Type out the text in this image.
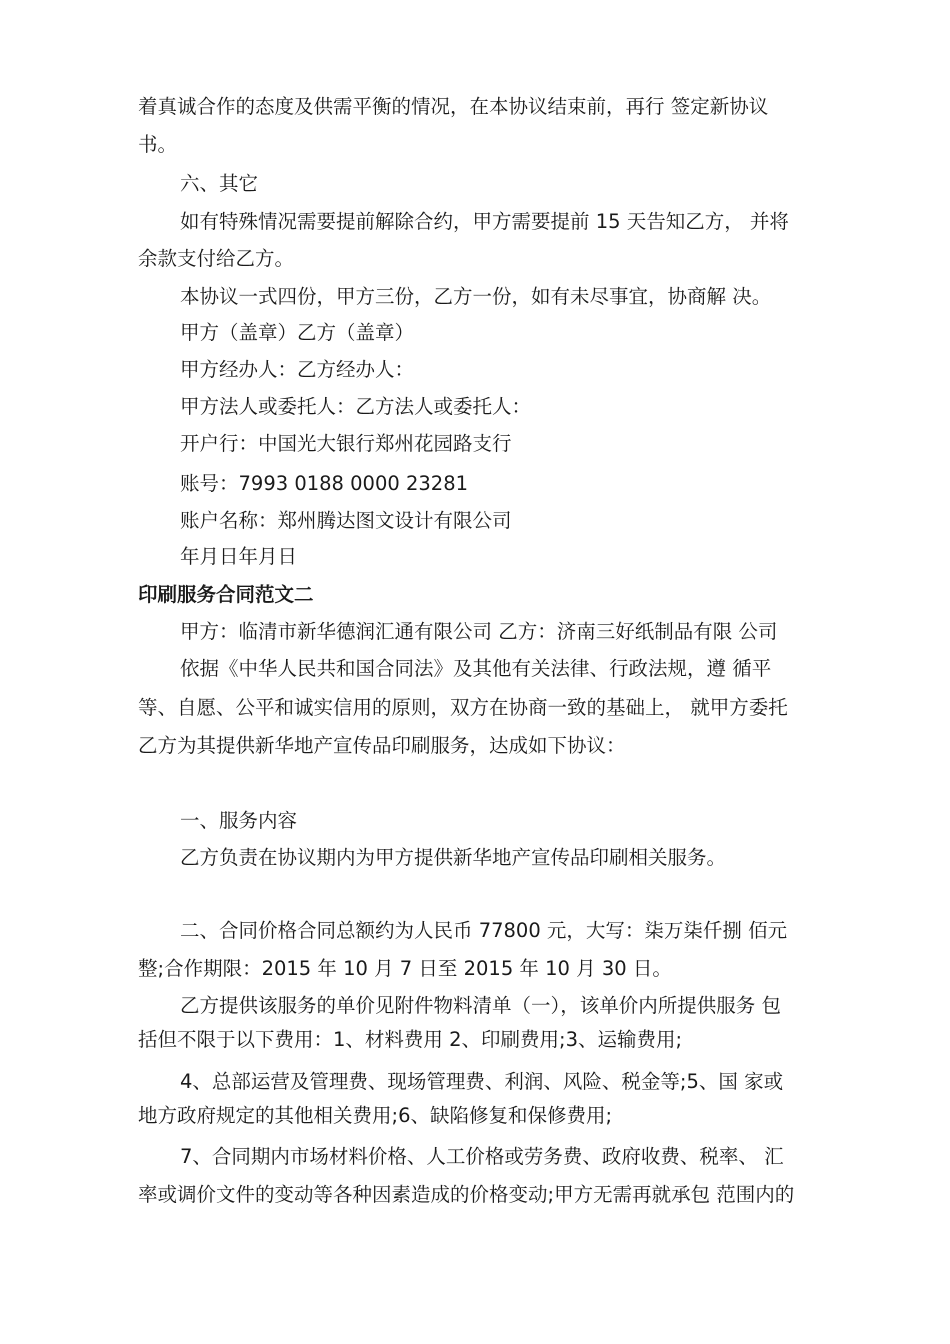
着真诚合作的态度及供需平衡的情况，在本协议结束前，再行 签定新协议
书。
六、其它
如有特殊情况需要提前解除合约，甲方需要提前 15 天告知乙方， 并将
余款支付给乙方。
本协议一式四份，甲方三份，乙方一份，如有未尽事宜，协商解 决。
甲方（盖章）乙方（盖章）
甲方经办人：乙方经办人：
甲方法人或委托人：乙方法人或委托人：
开户行：中国光大银行郑州花园路支行
账号：7993 0188 0000 23281
账户名称：郑州腾达图文设计有限公司
年月日年月日
印刷服务合同范文二
甲方：临清市新华德润汇通有限公司 乙方：济南三好纸制品有限 公司
依据《中华人民共和国合同法》及其他有关法律、行政法规，遵 循平
等、自愿、公平和诚实信用的原则，双方在协商一致的基础上， 就甲方委托
乙方为其提供新华地产宣传品印刷服务，达成如下协议：
一、服务内容
乙方负责在协议期内为甲方提供新华地产宣传品印刷相关服务。
二、合同价格合同总额约为人民币 77800 元，大写：柒万柒仟捌 佰元
整;合作期限：2015 年 10 月 7 日至 2015 年 10 月 30 日。
乙方提供该服务的单价见附件物料清单（一），该单价内所提供服务 包
括但不限于以下费用：1、材料费用 2、印刷费用;3、运输费用;
4、总部运营及管理费、现场管理费、利润、风险、税金等;5、国 家或
地方政府规定的其他相关费用;6、缺陷修复和保修费用;
7、合同期内市场材料价格、人工价格或劳务费、政府收费、税率、 汇
率或调价文件的变动等各种因素造成的价格变动;甲方无需再就承包 范围内的
